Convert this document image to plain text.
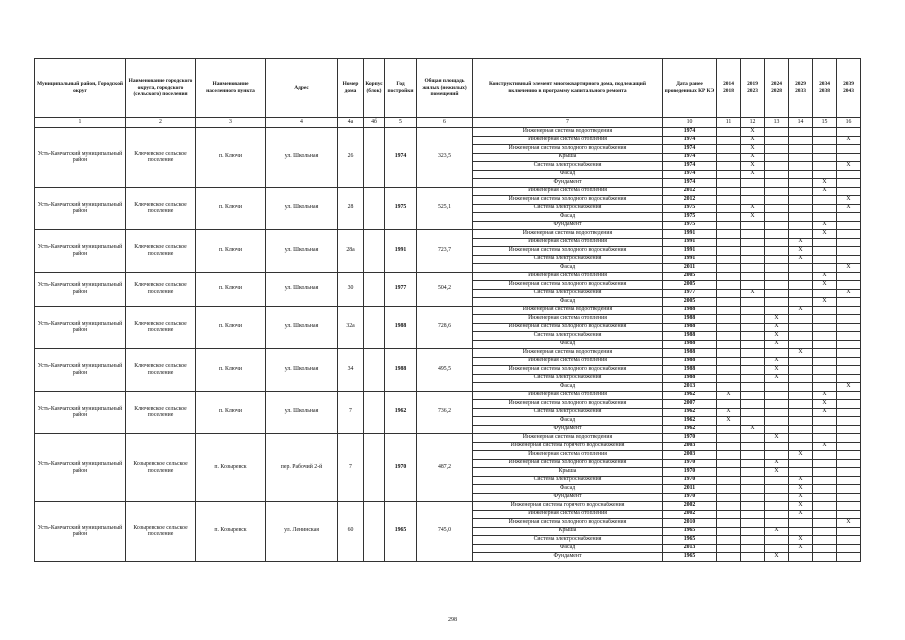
Муниципальный район, Городской округ	Наименование городского округа, городского (сельского) поселения	Наименование населенного пункта	Адрес	Номер дома	Корпус (блок)	Год постройки	Общая площадь жилых (нежилых) помещений	Конструктивный элемент многоквартирного дома, подлежащий включению в программу капитального ремонта	Дата ранее проведенных КР КЭ	2014 2018	2019 2023	2024 2028	2029 2033	2034 2038	2039 2043
1	2	3	4	4а	4б	5	6	7	10	11	12	13	14	15	16
Усть-Камчатский муниципальный район	Ключевское сельское поселение	п. Ключи	ул. Школьная	26		1974	323,5	Инженерная система водоотведения	1974		X				
								Инженерная система отопления	1974		X				X
								Инженерная система холодного водоснабжения	1974		X				
								Крыша	1974		X				
								Система электроснабжения	1974		X				X
								Фасад	1974		X				
								Фундамент	1974					X	
Усть-Камчатский муниципальный район	Ключевское сельское поселение	п. Ключи	ул. Школьная	28		1975	525,1	Инженерная система отопления	2012					X	
								Инженерная система холодного водоснабжения	2012						X
								Система электроснабжения	1975		X				X
								Фасад	1975		X				
								Фундамент	1975					X	
Усть-Камчатский муниципальный район	Ключевское сельское поселение	п. Ключи	ул. Школьная	28а		1991	723,7	Инженерная система водоотведения	1991					X	
								Инженерная система отопления	1991				X		
								Инженерная система холодного водоснабжения	1991				X		
								Система электроснабжения	1991				X		
								Фасад	2011						X
Усть-Камчатский муниципальный район	Ключевское сельское поселение	п. Ключи	ул. Школьная	30		1977	504,2	Инженерная система отопления	2005					X	
								Инженерная система холодного водоснабжения	2005					X	
								Система электроснабжения	1977		X				X
								Фасад	2005					X	
Усть-Камчатский муниципальный район	Ключевское сельское поселение	п. Ключи	ул. Школьная	32а		1988	728,6	Инженерная система водоотведения	1988				X		
								Инженерная система отопления	1988			X			
								Инженерная система холодного водоснабжения	1988			X			
								Система электроснабжения	1988			X			
								Фасад	1988			X			
Усть-Камчатский муниципальный район	Ключевское сельское поселение	п. Ключи	ул. Школьная	34		1988	495,5	Инженерная система водоотведения	1988				X		
								Инженерная система отопления	1988			X			
								Инженерная система холодного водоснабжения	1988			X			
								Система электроснабжения	1988			X			
								Фасад	2013						X
Усть-Камчатский муниципальный район	Ключевское сельское поселение	п. Ключи	ул. Школьная	7		1962	736,2	Инженерная система отопления	1962	X				X	
								Инженерная система холодного водоснабжения	2007					X	
								Система электроснабжения	1962	X				X	
								Фасад	1962	X					
								Фундамент	1962		X				
Усть-Камчатский муниципальный район	Козыревское сельское поселение	п. Козыревск	пер. Рабочий 2-й	7		1970	487,2	Инженерная система водоотведения	1970			X			
								Инженерная система горячего водоснабжения	2003					X	
								Инженерная система отопления	2003				X		
								Инженерная система холодного водоснабжения	1970			X			
								Крыша	1970			X			
								Система электроснабжения	1970				X		
								Фасад	2011				X		
								Фундамент	1970				X		
Усть-Камчатский муниципальный район	Козыревское сельское поселение	п. Козыревск	ул. Ленинская	60		1965	745,0	Инженерная система горячего водоснабжения	2002				X		
								Инженерная система отопления	2002				X		
								Инженерная система холодного водоснабжения	2010						X
								Крыша	1965			X			
								Система электроснабжения	1965				X		
								Фасад	2013				X		
								Фундамент	1965			X			
298
